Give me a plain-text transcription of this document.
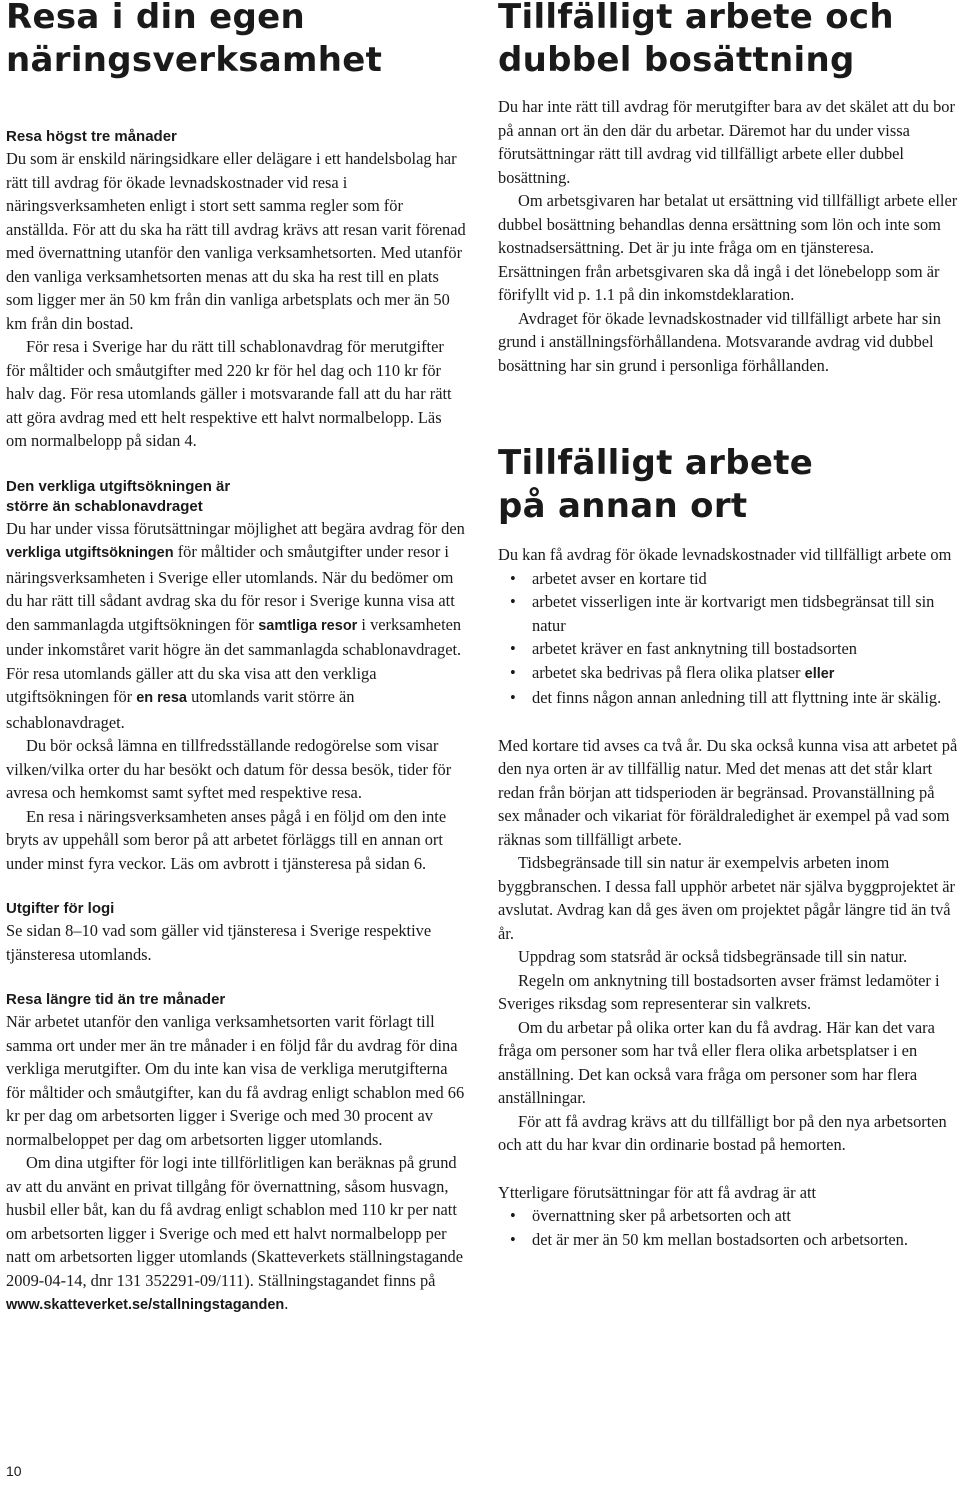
Resa i din egen
näringsverksamhet
Resa högst tre månader

Du som är enskild näringsidkare eller delägare i ett handelsbolag har rätt till avdrag för ökade levnadskostnader vid resa i näringsverksamheten enligt i stort sett samma regler som för anställda. För att du ska ha rätt till avdrag krävs att resan varit förenad med övernattning utanför den vanliga verksamhetsorten. Med utanför den vanliga verksamhetsorten menas att du ska ha rest till en plats som ligger mer än 50 km från din vanliga arbetsplats och mer än 50 km från din bostad.

För resa i Sverige har du rätt till schablonavdrag för merutgifter för måltider och småutgifter med 220 kr för hel dag och 110 kr för halv dag. För resa utomlands gäller i motsvarande fall att du har rätt att göra avdrag med ett helt respektive ett halvt normalbelopp. Läs om normalbelopp på sidan 4.

Den verkliga utgiftsökningen är
större än schablonavdraget

Du har under vissa förutsättningar möjlighet att begära avdrag för den verkliga utgiftsökningen för måltider och småutgifter under resor i näringsverksamheten i Sverige eller utomlands. När du bedömer om du har rätt till sådant avdrag ska du för resor i Sverige kunna visa att den sammanlagda utgiftsökningen för samtliga resor i verksamheten under inkomståret varit högre än det sammanlagda schablonavdraget. För resa utomlands gäller att du ska visa att den verkliga utgiftsökningen för en resa utomlands varit större än schablonavdraget.

Du bör också lämna en tillfredsställande redogörelse som visar vilken/vilka orter du har besökt och datum för dessa besök, tider för avresa och hemkomst samt syftet med respektive resa.

En resa i näringsverksamheten anses pågå i en följd om den inte bryts av uppehåll som beror på att arbetet förläggs till en annan ort under minst fyra veckor. Läs om avbrott i tjänsteresa på sidan 6.

Utgifter för logi

Se sidan 8–10 vad som gäller vid tjänsteresa i Sverige respektive tjänsteresa utomlands.

Resa längre tid än tre månader

När arbetet utanför den vanliga verksamhetsorten varit förlagt till samma ort under mer än tre månader i en följd får du avdrag för dina verkliga merutgifter. Om du inte kan visa de verkliga merutgifterna för måltider och småutgifter, kan du få avdrag enligt schablon med 66 kr per dag om arbetsorten ligger i Sverige och med 30 procent av normalbeloppet per dag om arbetsorten ligger utomlands.

Om dina utgifter för logi inte tillförlitligen kan beräknas på grund av att du använt en privat tillgång för övernattning, såsom husvagn, husbil eller båt, kan du få avdrag enligt schablon med 110 kr per natt om arbetsorten ligger i Sverige och med ett halvt normalbelopp per natt om arbetsorten ligger utomlands (Skatteverkets ställningstagande 2009-04-14, dnr 131 352291-09/111). Ställningstagandet finns på

www.skatteverket.se/stallningstaganden.

10
Tillfälligt arbete och
dubbel bosättning

Du har inte rätt till avdrag för merutgifter bara av det skälet att du bor på annan ort än den där du arbetar. Däremot har du under vissa förutsättningar rätt till avdrag vid tillfälligt arbete eller dubbel bosättning.

Om arbetsgivaren har betalat ut ersättning vid tillfälligt arbete eller dubbel bosättning behandlas denna ersättning som lön och inte som kostnadsersättning. Det är ju inte fråga om en tjänsteresa. Ersättningen från arbetsgivaren ska då ingå i det lönebelopp som är förifyllt vid p. 1.1 på din inkomstdeklaration.

Avdraget för ökade levnadskostnader vid tillfälligt arbete har sin grund i anställningsförhållandena. Motsvarande avdrag vid dubbel bosättning har sin grund i personliga förhållanden.

Tillfälligt arbete
på annan ort

Du kan få avdrag för ökade levnadskostnader vid tillfälligt arbete om

• arbetet avser en kortare tid
• arbetet visserligen inte är kortvarigt men tidsbegränsat till sin natur
• arbetet kräver en fast anknytning till bostadsorten
• arbetet ska bedrivas på flera olika platser eller
• det finns någon annan anledning till att flyttning inte är skälig.

Med kortare tid avses ca två år. Du ska också kunna visa att arbetet på den nya orten är av tillfällig natur. Med det menas att det står klart redan från början att tidsperioden är begränsad. Provanställning på sex månader och vikariat för föräldraledighet är exempel på vad som räknas som tillfälligt arbete.

Tidsbegränsade till sin natur är exempelvis arbeten inom byggbranschen. I dessa fall upphör arbetet när själva byggprojektet är avslutat. Avdrag kan då ges även om projektet pågår längre tid än två år.

Uppdrag som statsråd är också tidsbegränsade till sin natur.

Regeln om anknytning till bostadsorten avser främst ledamöter i Sveriges riksdag som representerar sin valkrets.

Om du arbetar på olika orter kan du få avdrag. Här kan det vara fråga om personer som har två eller flera olika arbetsplatser i en anställning. Det kan också vara fråga om personer som har flera anställningar.

För att få avdrag krävs att du tillfälligt bor på den nya arbetsorten och att du har kvar din ordinarie bostad på hemorten.

Ytterligare förutsättningar för att få avdrag är att

• övernattning sker på arbetsorten och att
• det är mer än 50 km mellan bostadsorten och arbetsorten.
